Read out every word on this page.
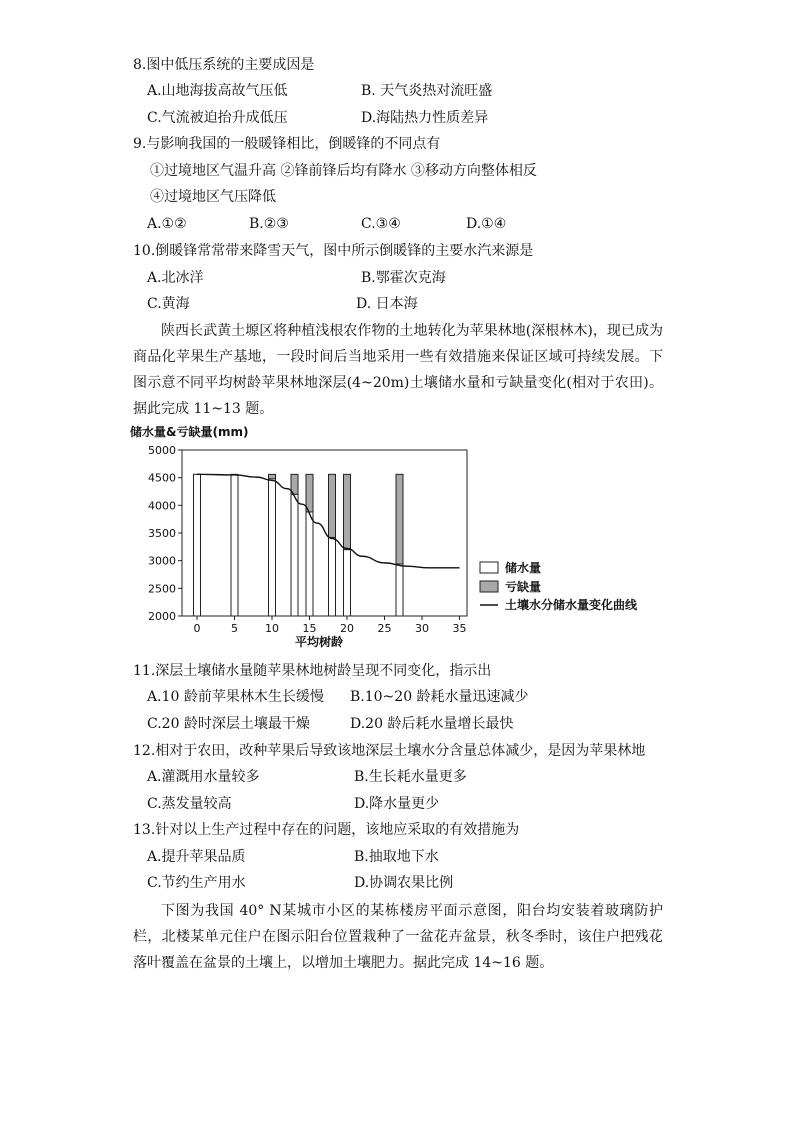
8.图中低压系统的主要成因是
A.山地海拔高故气压低	B. 天气炎热对流旺盛
C.气流被迫抬升成低压	D.海陆热力性质差异
9.与影响我国的一般暖锋相比，倒暖锋的不同点有
①过境地区气温升高 ②锋前锋后均有降水 ③移动方向整体相反
④过境地区气压降低
A.①②	B.②③	C.③④	D.①④
10.倒暖锋常常带来降雪天气，图中所示倒暖锋的主要水汽来源是
A.北冰洋	B.鄂霍次克海
C.黄海	D. 日本海
陕西长武黄土塬区将种植浅根农作物的土地转化为苹果林地(深根林木)，现已成为商品化苹果生产基地，一段时间后当地采用一些有效措施来保证区域可持续发展。下图示意不同平均树龄苹果林地深层(4~20m)土壤储水量和亏缺量变化(相对于农田)。据此完成 11~13 题。
储水量&亏缺量(mm)
2000
2500
3000
3500
4000
4500
5000
0	5 10 15 20 25 30 35
平均树龄
储水量
亏缺量
土壤水分储水量变化曲线
11.深层土壤储水量随苹果林地树龄呈现不同变化，指示出
A.10 龄前苹果林木生长缓慢 B.10~20 龄耗水量迅速减少
C.20 龄时深层土壤最干燥	D.20 龄后耗水量增长最快
12.相对于农田，改种苹果后导致该地深层土壤水分含量总体减少，是因为苹果林地
A.灌溉用水量较多	B.生长耗水量更多
C.蒸发量较高	D.降水量更少
13.针对以上生产过程中存在的问题，该地应采取的有效措施为
A.提升苹果品质	B.抽取地下水
C.节约生产用水	D.协调农果比例
下图为我国 40° N某城市小区的某栋楼房平面示意图，阳台均安装着玻璃防护栏，北楼某单元住户在图示阳台位置栽种了一盆花卉盆景，秋冬季时，该住户把残花落叶覆盖在盆景的土壤上，以增加土壤肥力。据此完成 14~16 题。
